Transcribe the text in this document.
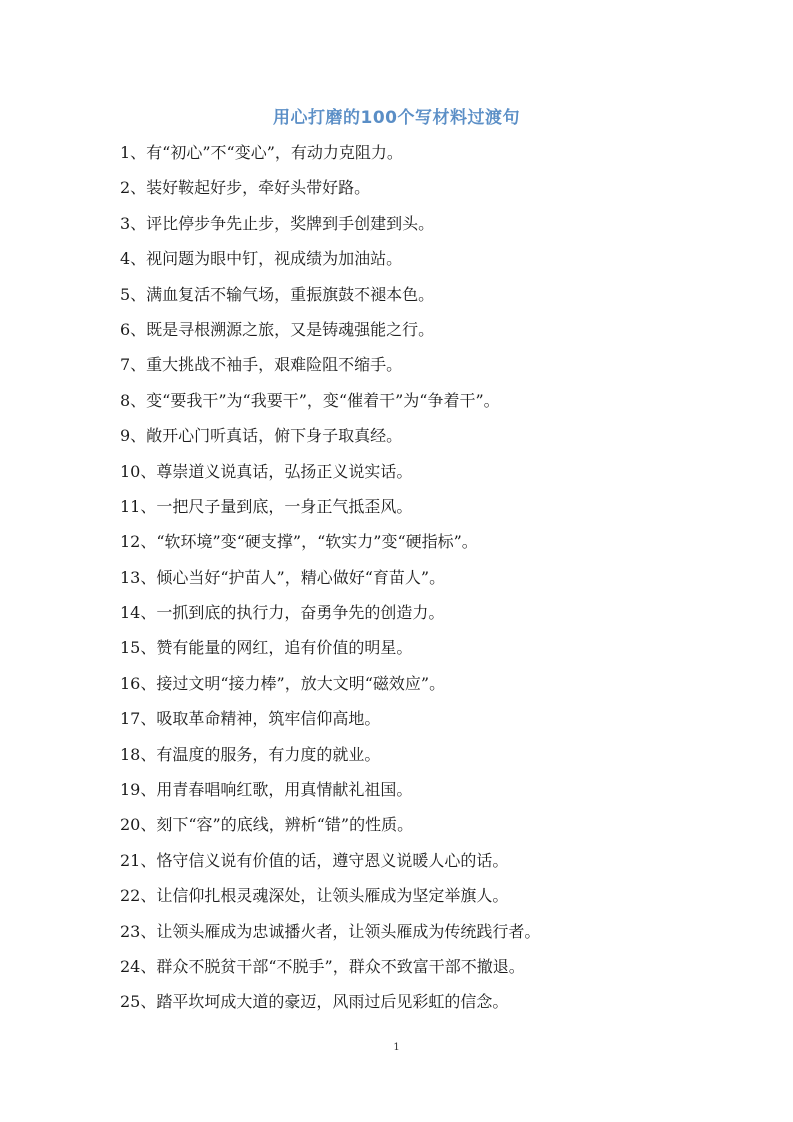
用心打磨的100个写材料过渡句
1、有“初心”不“变心”，有动力克阻力。
2、装好鞍起好步，牵好头带好路。
3、评比停步争先止步，奖牌到手创建到头。
4、视问题为眼中钉，视成绩为加油站。
5、满血复活不输气场，重振旗鼓不褪本色。
6、既是寻根溯源之旅，又是铸魂强能之行。
7、重大挑战不袖手，艰难险阻不缩手。
8、变“要我干”为“我要干”，变“催着干”为“争着干”。
9、敞开心门听真话，俯下身子取真经。
10、尊崇道义说真话，弘扬正义说实话。
11、一把尺子量到底，一身正气抵歪风。
12、“软环境”变“硬支撑”，“软实力”变“硬指标”。
13、倾心当好“护苗人”，精心做好“育苗人”。
14、一抓到底的执行力，奋勇争先的创造力。
15、赞有能量的网红，追有价值的明星。
16、接过文明“接力棒”，放大文明“磁效应”。
17、吸取革命精神，筑牢信仰高地。
18、有温度的服务，有力度的就业。
19、用青春唱响红歌，用真情献礼祖国。
20、刻下“容”的底线，辨析“错”的性质。
21、恪守信义说有价值的话，遵守恩义说暖人心的话。
22、让信仰扎根灵魂深处，让领头雁成为坚定举旗人。
23、让领头雁成为忠诚播火者，让领头雁成为传统践行者。
24、群众不脱贫干部“不脱手”，群众不致富干部不撤退。
25、踏平坎坷成大道的豪迈，风雨过后见彩虹的信念。
1
